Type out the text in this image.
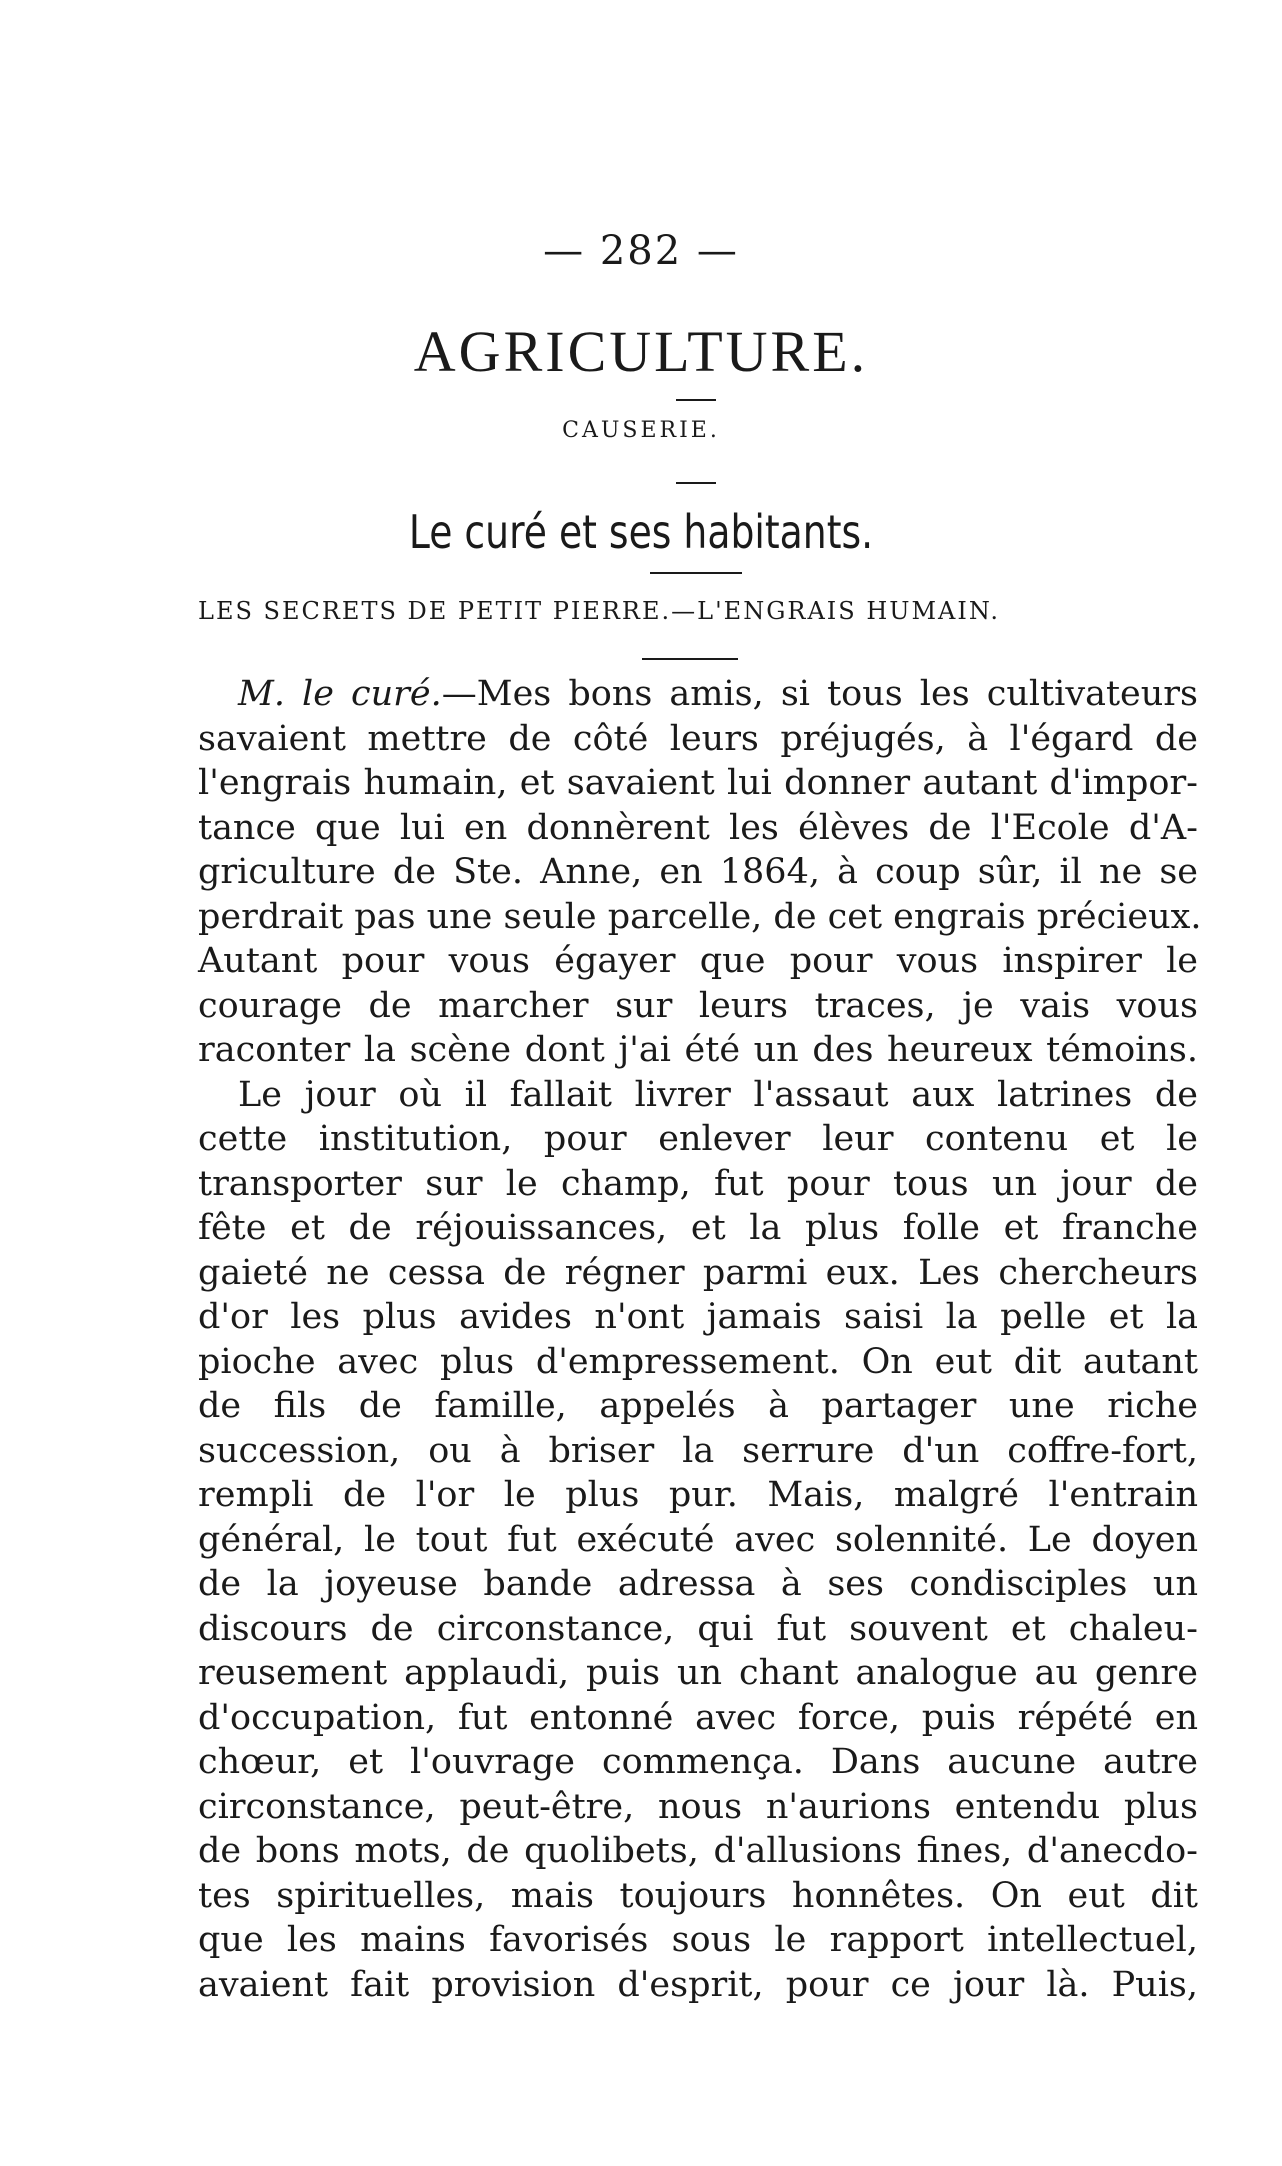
— 282 —
AGRICULTURE.
CAUSERIE.
Le curé et ses habitants.
LES SECRETS DE PETIT PIERRE.—L'ENGRAIS HUMAIN.
M. le curé.—Mes bons amis, si tous les cultivateurs
savaient mettre de côté leurs préjugés, à l'égard de
l'engrais humain, et savaient lui donner autant d'impor-
tance que lui en donnèrent les élèves de l'Ecole d'A-
griculture de Ste. Anne, en 1864, à coup sûr, il ne se
perdrait pas une seule parcelle, de cet engrais précieux.
Autant pour vous égayer que pour vous inspirer le
courage de marcher sur leurs traces, je vais vous
raconter la scène dont j'ai été un des heureux témoins.
Le jour où il fallait livrer l'assaut aux latrines de
cette institution, pour enlever leur contenu et le
transporter sur le champ, fut pour tous un jour de
fête et de réjouissances, et la plus folle et franche
gaieté ne cessa de régner parmi eux. Les chercheurs
d'or les plus avides n'ont jamais saisi la pelle et la
pioche avec plus d'empressement. On eut dit autant
de fils de famille, appelés à partager une riche
succession, ou à briser la serrure d'un coffre-fort,
rempli de l'or le plus pur. Mais, malgré l'entrain
général, le tout fut exécuté avec solennité. Le doyen
de la joyeuse bande adressa à ses condisciples un
discours de circonstance, qui fut souvent et chaleu-
reusement applaudi, puis un chant analogue au genre
d'occupation, fut entonné avec force, puis répété en
chœur, et l'ouvrage commença. Dans aucune autre
circonstance, peut-être, nous n'aurions entendu plus
de bons mots, de quolibets, d'allusions fines, d'anecdo-
tes spirituelles, mais toujours honnêtes. On eut dit
que les mains favorisés sous le rapport intellectuel,
avaient fait provision d'esprit, pour ce jour là. Puis,
